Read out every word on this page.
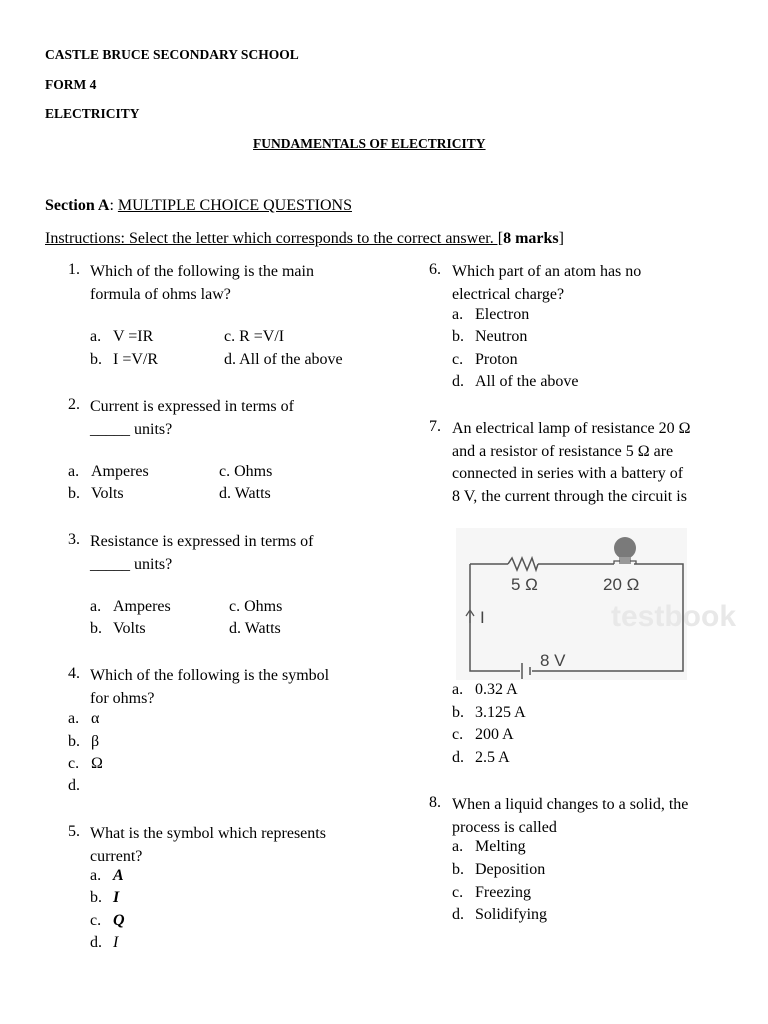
CASTLE BRUCE SECONDARY SCHOOL
FORM 4
ELECTRICITY
FUNDAMENTALS OF ELECTRICITY
Section A: MULTIPLE CHOICE QUESTIONS
Instructions: Select the letter which corresponds to the correct answer. [8 marks]
1. Which of the following is the main
formula of ohms law?
a. V =IR	c. R =V/I
b. I =V/R	d. All of the above
2. Current is expressed in terms of
_____ units?
a. Amperes	c. Ohms
b. Volts	d. Watts
3. Resistance is expressed in terms of
_____ units?
a. Amperes	c. Ohms
b. Volts	d. Watts
4. Which of the following is the symbol
for ohms?
a. α
b. β
c. Ω
d.
5. What is the symbol which represents
current?
a. A
b. I
c. Q
d. I
6. Which part of an atom has no
electrical charge?
a. Electron
b. Neutron
c. Proton
d. All of the above
7. An electrical lamp of resistance 20 Ω
and a resistor of resistance 5 Ω are
connected in series with a battery of
8 V, the current through the circuit is
testbook
5 Ω	20 Ω
I
8 V
a. 0.32 A
b. 3.125 A
c. 200 A
d. 2.5 A
8. When a liquid changes to a solid, the
process is called
a. Melting
b. Deposition
c. Freezing
d. Solidifying
